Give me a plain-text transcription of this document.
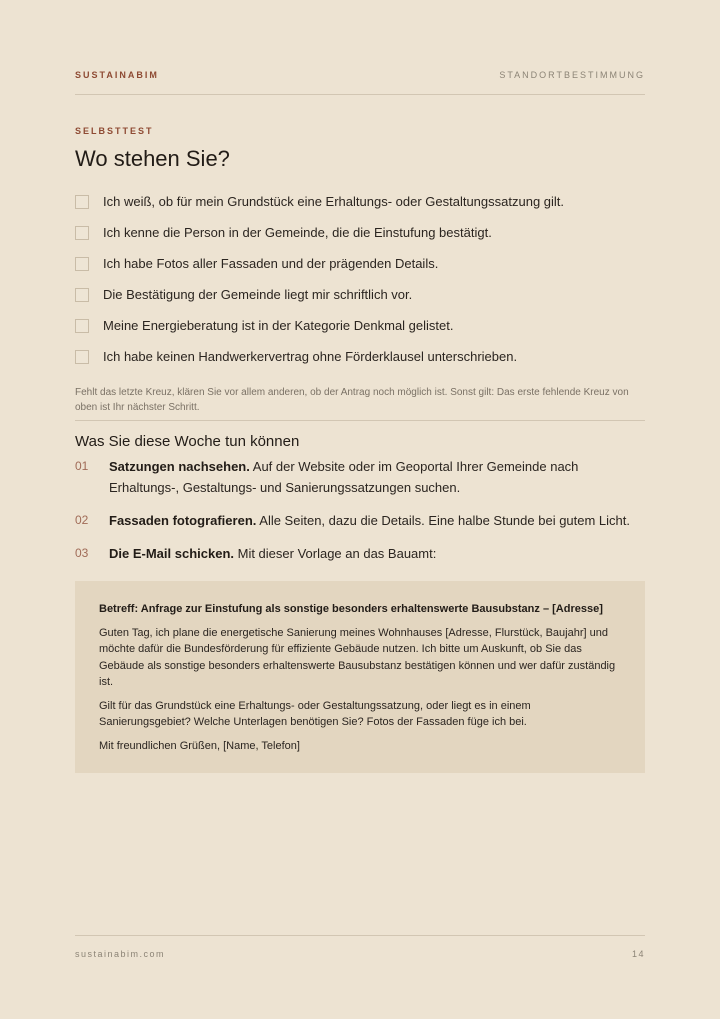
SUSTAINABIM	STANDORTBESTIMMUNG
SELBSTTEST
Wo stehen Sie?
Ich weiß, ob für mein Grundstück eine Erhaltungs- oder Gestaltungssatzung gilt.
Ich kenne die Person in der Gemeinde, die die Einstufung bestätigt.
Ich habe Fotos aller Fassaden und der prägenden Details.
Die Bestätigung der Gemeinde liegt mir schriftlich vor.
Meine Energieberatung ist in der Kategorie Denkmal gelistet.
Ich habe keinen Handwerkervertrag ohne Förderklausel unterschrieben.

Fehlt das letzte Kreuz, klären Sie vor allem anderen, ob der Antrag noch möglich ist. Sonst gilt: Das erste fehlende Kreuz von oben ist Ihr nächster Schritt.

Was Sie diese Woche tun können
01	Satzungen nachsehen. Auf der Website oder im Geoportal Ihrer Gemeinde nach Erhaltungs-, Gestaltungs- und Sanierungssatzungen suchen.
02	Fassaden fotografieren. Alle Seiten, dazu die Details. Eine halbe Stunde bei gutem Licht.
03	Die E-Mail schicken. Mit dieser Vorlage an das Bauamt:
Betreff: Anfrage zur Einstufung als sonstige besonders erhaltenswerte Bausubstanz – [Adresse]

Guten Tag, ich plane die energetische Sanierung meines Wohnhauses [Adresse, Flurstück, Baujahr] und möchte dafür die Bundesförderung für effiziente Gebäude nutzen. Ich bitte um Auskunft, ob Sie das Gebäude als sonstige besonders erhaltenswerte Bausubstanz bestätigen können und wer dafür zuständig ist.

Gilt für das Grundstück eine Erhaltungs- oder Gestaltungssatzung, oder liegt es in einem Sanierungsgebiet? Welche Unterlagen benötigen Sie? Fotos der Fassaden füge ich bei.

Mit freundlichen Grüßen, [Name, Telefon]

sustainabim.com	14
